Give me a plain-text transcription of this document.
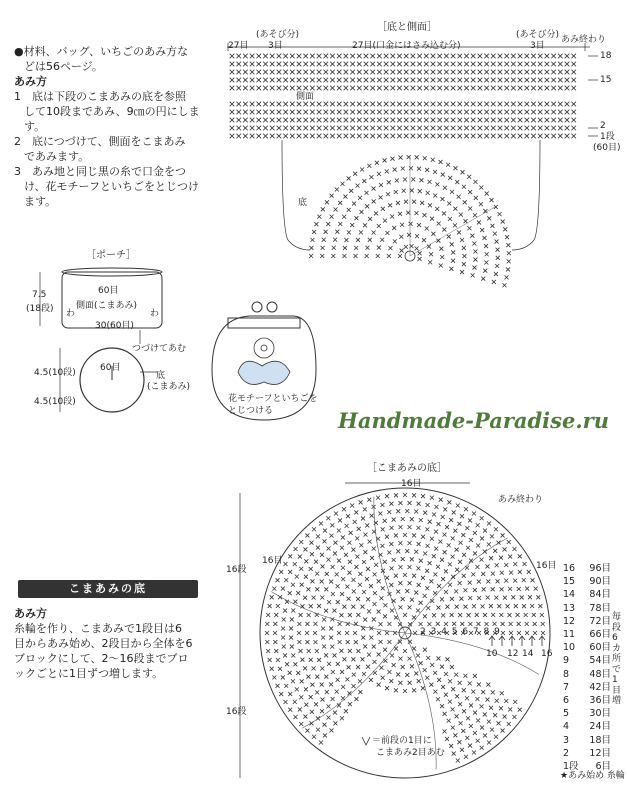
●材料、バッグ、いちごのあみ方な
どは56ページ。
あみ方
1　底は下段のこまあみの底を参照
して10段まであみ、9㎝の円にしま
す。
2　底につづけて、側面をこまあみ
であみます。
3　あみ地と同じ黒の糸で口金をつ
け、花モチーフといちごをとじつけ
ます。
［ポーチ］
7.5
(18段)
60目
側面(こまあみ)
わ	わ
30(60目)
つづけてあむ
60目
底
(こまあみ)
4.5(10段)
4.5(10段)	花モチーフといちごを
とじつける
［底と側面］
(あそび分)	(あそび分) あみ終わり
27目 3目	27目(口金にはさみ込む分)	3目
18
15
2
1段
(60目)
側面
底
Handmade-Paradise.ru
こまあみの底
あみ方
糸輪を作り、こまあみで1段目は6
目からあみ始め、2段目から全体を6
ブロックにして、2～16段までブロ
ックごとに1目ずつ増します。
［こまあみの底］
16目
あみ終わり
16目	16目
16段
16段
2 3 4 5 6 7 8 9
10 12 14 16
＝前段の1目に
こまあみ2目あむ
★あみ始め 糸輪
毎段6カ所で1目増
16 96目
15 90目
14 84目
13 78目
12 72目
11 66目
10 60目
9 54目
8 48目
7 42目
6 36目
5 30目
4 24目
3 18目
2 12目
1段 6目
